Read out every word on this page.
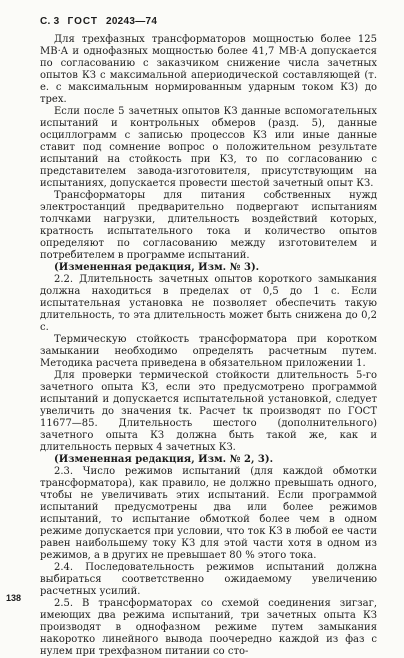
С. 3 ГОСТ 20243—74

Для трехфазных трансформаторов мощностью более 125 MB·A и однофазных мощностью более 41,7 MB·A допускается по согласованию с заказчиком снижение числа зачетных опытов КЗ с максимальной апериодической составляющей (т. е. с максимальным нормированным ударным током КЗ) до трех.

Если после 5 зачетных опытов КЗ данные вспомогательных испытаний и контрольных обмеров (разд. 5), данные осциллограмм с записью процессов КЗ или иные данные ставит под сомнение вопрос о положительном результате испытаний на стойкость при КЗ, то по согласованию с представителем завода-изготовителя, присутствующим на испытаниях, допускается провести шестой зачетный опыт КЗ.

Трансформаторы для питания собственных нужд электростанций предварительно подвергают испытаниям толчками нагрузки, длительность воздействий которых, кратность испытательного тока и количество опытов определяют по согласованию между изготовителем и потребителем в программе испытаний.

(Измененная редакция, Изм. № 3).

2.2. Длительность зачетных опытов короткого замыкания должна находиться в пределах от 0,5 до 1 с. Если испытательная установка не позволяет обеспечить такую длительность, то эта длительность может быть снижена до 0,2 с.

Термическую стойкость трансформатора при коротком замыкании необходимо определять расчетным путем. Методика расчета приведена в обязательном приложении 1.

Для проверки термической стойкости длительность 5-го зачетного опыта КЗ, если это предусмотрено программой испытаний и допускается испытательной установкой, следует увеличить до значения tк. Расчет tк производят по ГОСТ 11677—85. Длительность шестого (дополнительного) зачетного опыта КЗ должна быть такой же, как и длительность первых 4 зачетных КЗ.

(Измененная редакция, Изм. № 2, 3).

2.3. Число режимов испытаний (для каждой обмотки трансформатора), как правило, не должно превышать одного, чтобы не увеличивать этих испытаний. Если программой испытаний предусмотрены два или более режимов испытаний, то испытание обмоткой более чем в одном режиме допускается при условии, что ток КЗ в любой ее части равен наибольшему току КЗ для этой части хотя в одном из режимов, а в других не превышает 80 % этого тока.

2.4. Последовательность режимов испытаний должна выбираться соответственно ожидаемому увеличению расчетных усилий.

2.5. В трансформаторах со схемой соединения зигзаг, имеющих два режима испытаний, три зачетных опыта КЗ производят в однофазном режиме путем замыкания накоротко линейного вывода поочередно каждой из фаз с нулем при трехфазном питании со сто-

138
